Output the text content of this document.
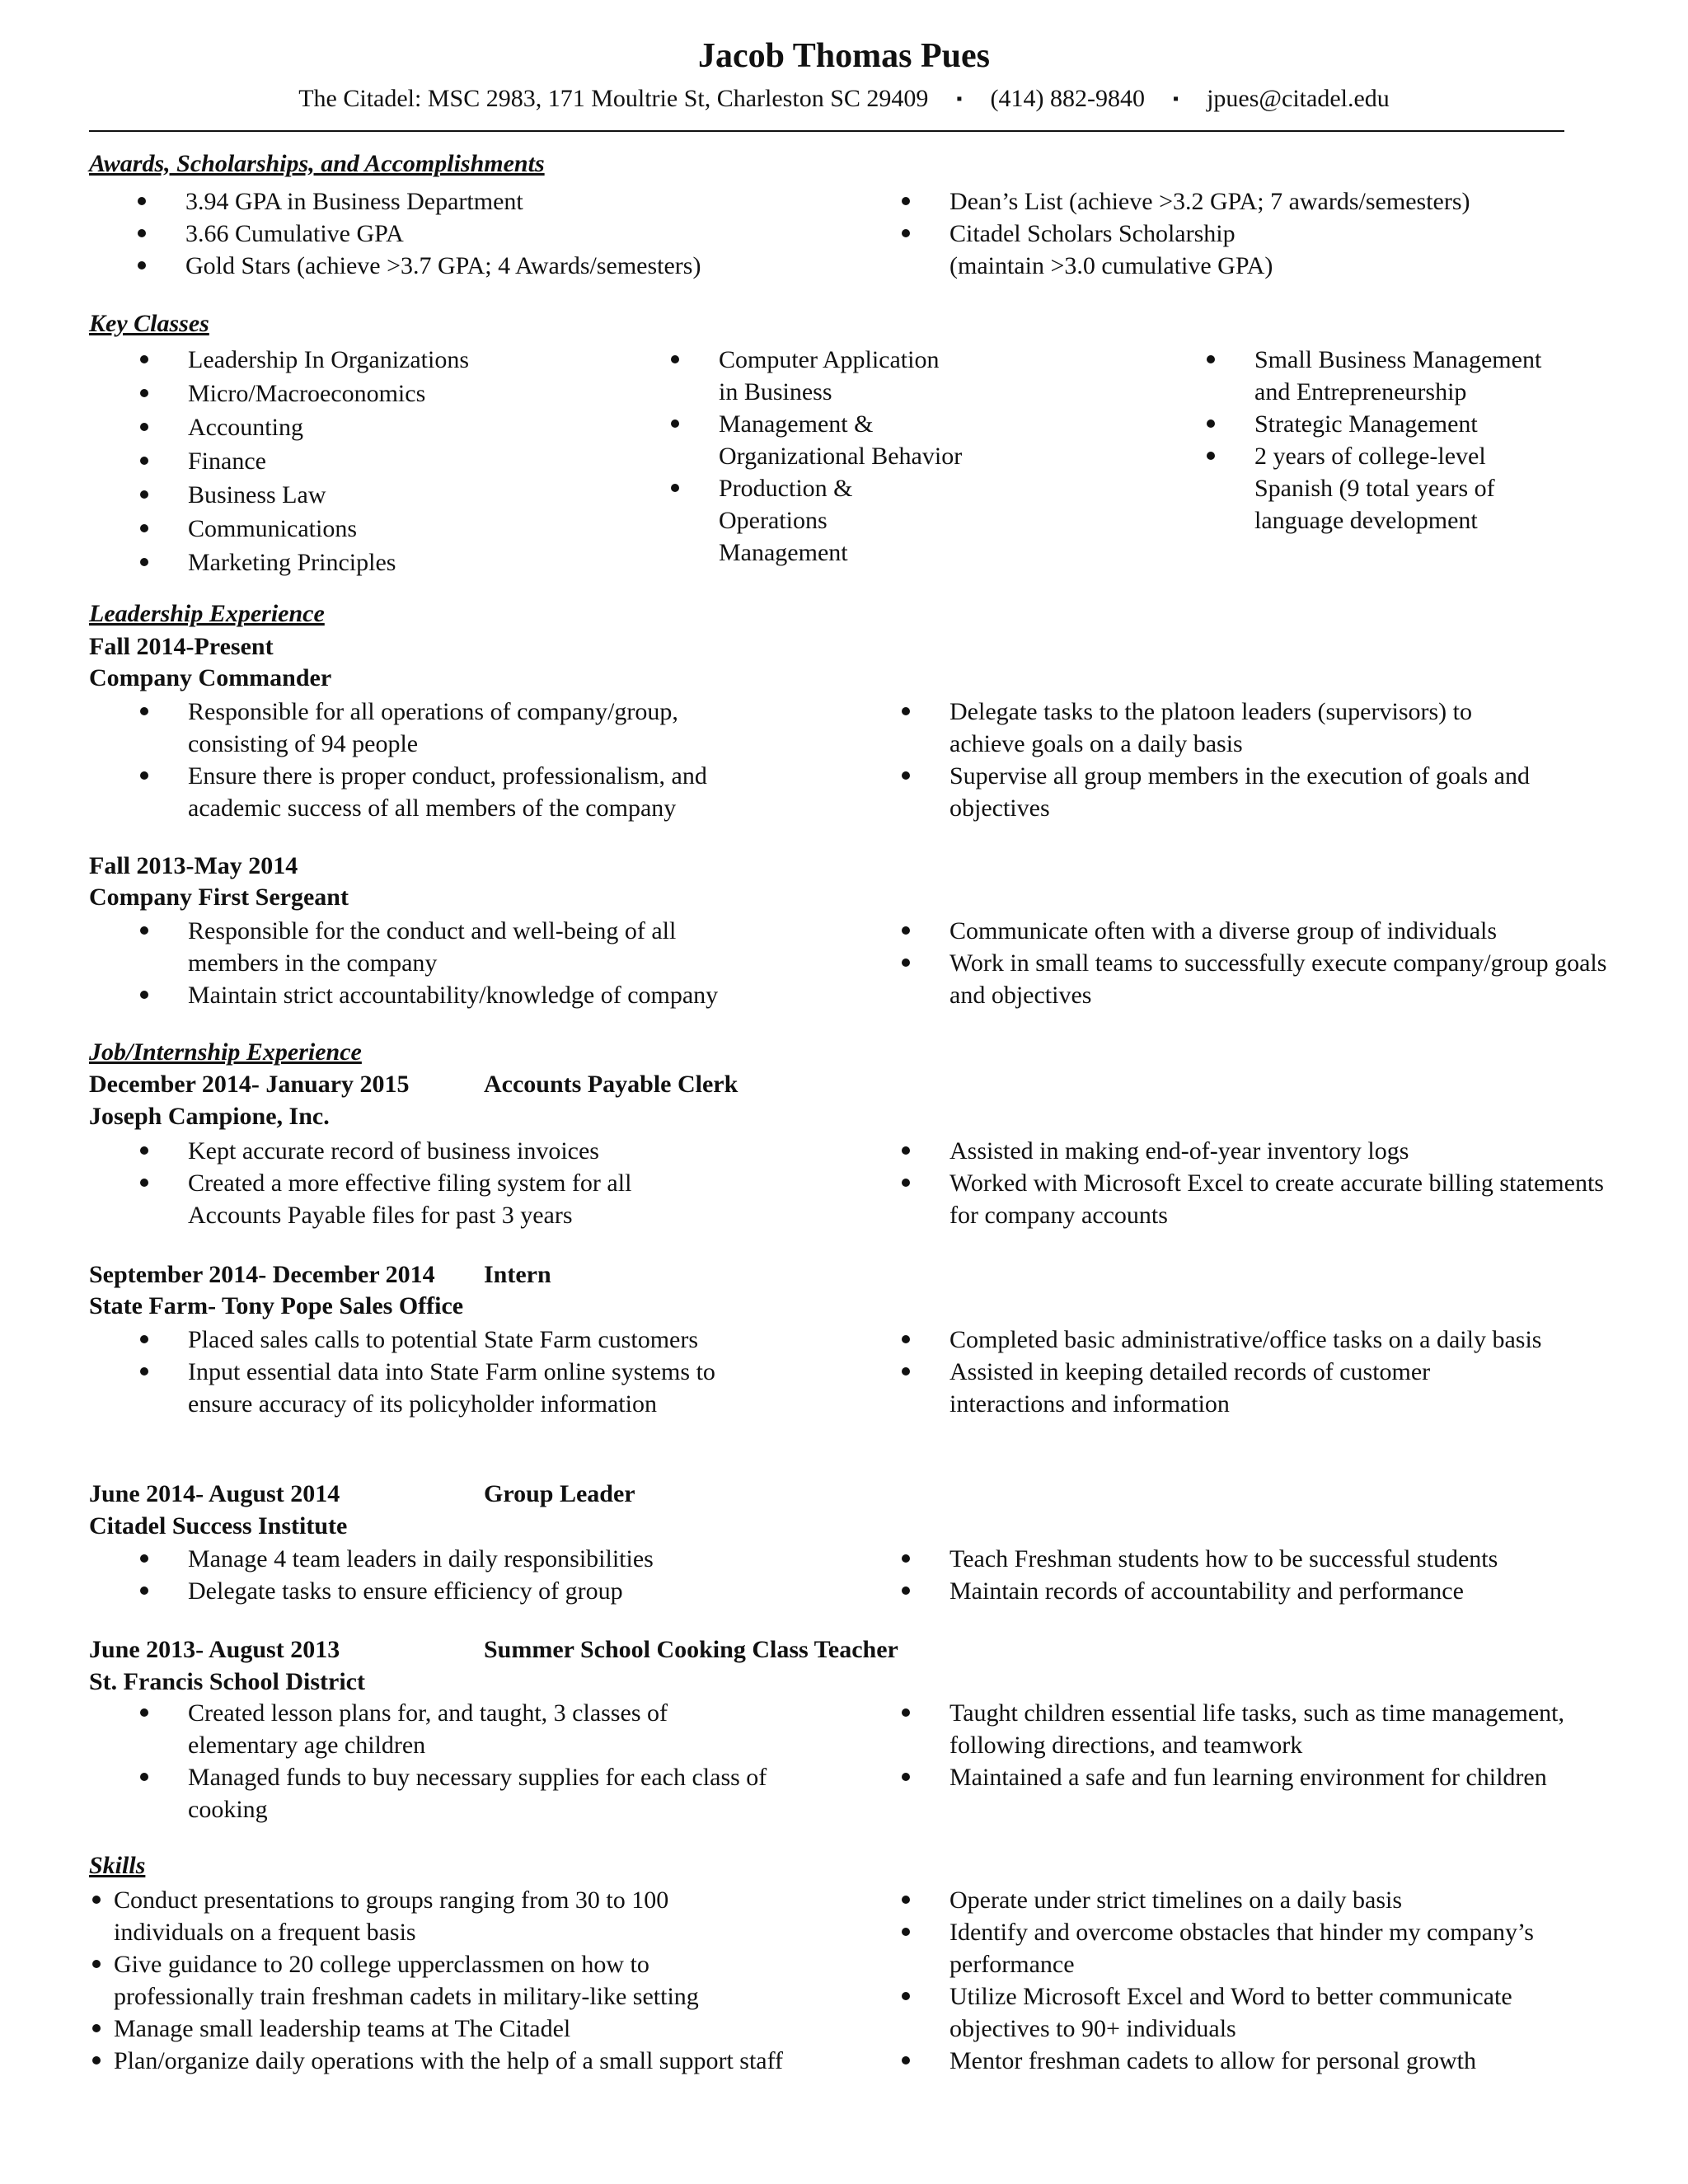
Jacob Thomas Pues
The Citadel: MSC 2983, 171 Moultrie St, Charleston SC 29409 ▪ (414) 882-9840 ▪ jpues@citadel.edu
Awards, Scholarships, and Accomplishments
3.94 GPA in Business Department
3.66 Cumulative GPA
Gold Stars (achieve >3.7 GPA; 4 Awards/semesters)
Dean’s List (achieve >3.2 GPA; 7 awards/semesters)
Citadel Scholars Scholarship (maintain >3.0 cumulative GPA)
Key Classes
Leadership In Organizations
Micro/Macroeconomics
Accounting
Finance
Business Law
Communications
Marketing Principles
Computer Application in Business
Management & Organizational Behavior
Production & Operations Management
Small Business Management and Entrepreneurship
Strategic Management
2 years of college-level Spanish (9 total years of language development
Leadership Experience
Fall 2014-Present
Company Commander
Responsible for all operations of company/group, consisting of 94 people
Ensure there is proper conduct, professionalism, and academic success of all members of the company
Delegate tasks to the platoon leaders (supervisors) to achieve goals on a daily basis
Supervise all group members in the execution of goals and objectives
Fall 2013-May 2014
Company First Sergeant
Responsible for the conduct and well-being of all members in the company
Maintain strict accountability/knowledge of company
Communicate often with a diverse group of individuals
Work in small teams to successfully execute company/group goals and objectives
Job/Internship Experience
December 2014- January 2015	Accounts Payable Clerk
Joseph Campione, Inc.
Kept accurate record of business invoices
Created a more effective filing system for all Accounts Payable files for past 3 years
Assisted in making end-of-year inventory logs
Worked with Microsoft Excel to create accurate billing statements for company accounts
September 2014- December 2014 Intern
State Farm- Tony Pope Sales Office
Placed sales calls to potential State Farm customers
Input essential data into State Farm online systems to ensure accuracy of its policyholder information
Completed basic administrative/office tasks on a daily basis
Assisted in keeping detailed records of customer interactions and information
June 2014- August 2014	Group Leader
Citadel Success Institute
Manage 4 team leaders in daily responsibilities
Delegate tasks to ensure efficiency of group
Teach Freshman students how to be successful students
Maintain records of accountability and performance
June 2013- August 2013	Summer School Cooking Class Teacher
St. Francis School District
Created lesson plans for, and taught, 3 classes of elementary age children
Managed funds to buy necessary supplies for each class of cooking
Taught children essential life tasks, such as time management, following directions, and teamwork
Maintained a safe and fun learning environment for children
Skills
Conduct presentations to groups ranging from 30 to 100 individuals on a frequent basis
Give guidance to 20 college upperclassmen on how to professionally train freshman cadets in military-like setting
Manage small leadership teams at The Citadel
Plan/organize daily operations with the help of a small support staff
Operate under strict timelines on a daily basis
Identify and overcome obstacles that hinder my company’s performance
Utilize Microsoft Excel and Word to better communicate objectives to 90+ individuals
Mentor freshman cadets to allow for personal growth
